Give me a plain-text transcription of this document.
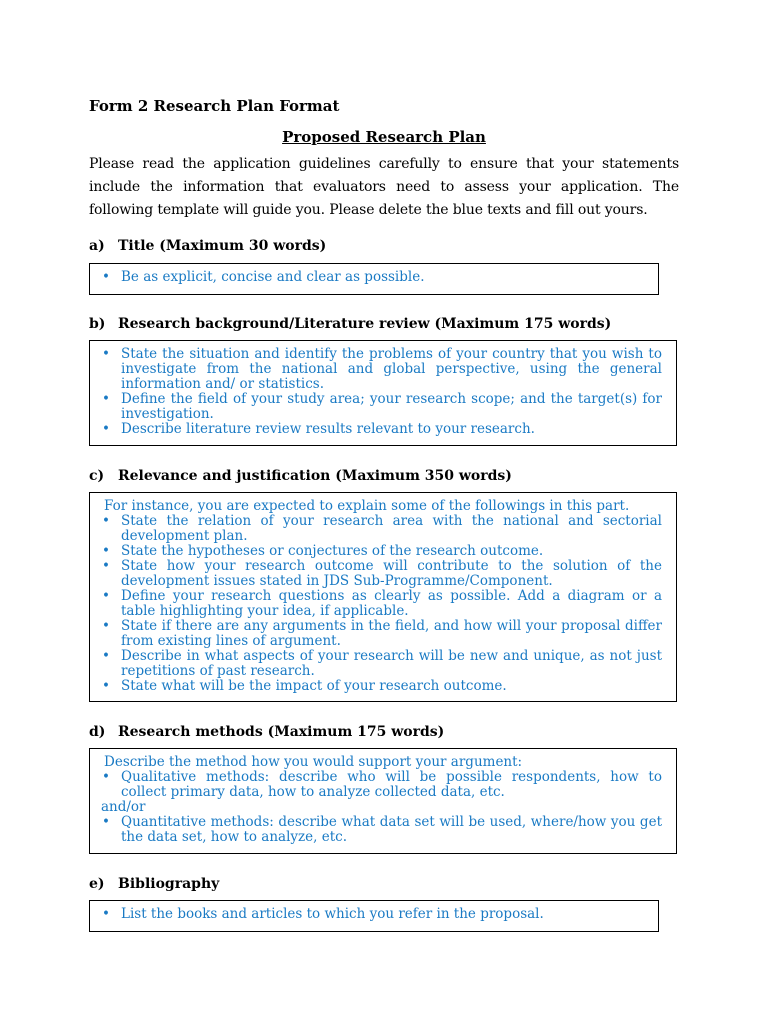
Form 2 Research Plan Format

Proposed Research Plan

Please read the application guidelines carefully to ensure that your statements include the information that evaluators need to assess your application. The following template will guide you. Please delete the blue texts and fill out yours.

a) Title (Maximum 30 words)
• Be as explicit, concise and clear as possible.
b) Research background/Literature review (Maximum 175 words)
• State the situation and identify the problems of your country that you wish to investigate from the national and global perspective, using the general information and/ or statistics.
• Define the field of your study area; your research scope; and the target(s) for investigation.
• Describe literature review results relevant to your research.
c) Relevance and justification (Maximum 350 words)
For instance, you are expected to explain some of the followings in this part.
• State the relation of your research area with the national and sectorial development plan.
• State the hypotheses or conjectures of the research outcome.
• State how your research outcome will contribute to the solution of the development issues stated in JDS Sub-Programme/Component.
• Define your research questions as clearly as possible. Add a diagram or a table highlighting your idea, if applicable.
• State if there are any arguments in the field, and how will your proposal differ from existing lines of argument.
• Describe in what aspects of your research will be new and unique, as not just repetitions of past research.
• State what will be the impact of your research outcome.
d) Research methods (Maximum 175 words)
Describe the method how you would support your argument:
• Qualitative methods: describe who will be possible respondents, how to collect primary data, how to analyze collected data, etc.
and/or
• Quantitative methods: describe what data set will be used, where/how you get the data set, how to analyze, etc.
e) Bibliography
• List the books and articles to which you refer in the proposal.
